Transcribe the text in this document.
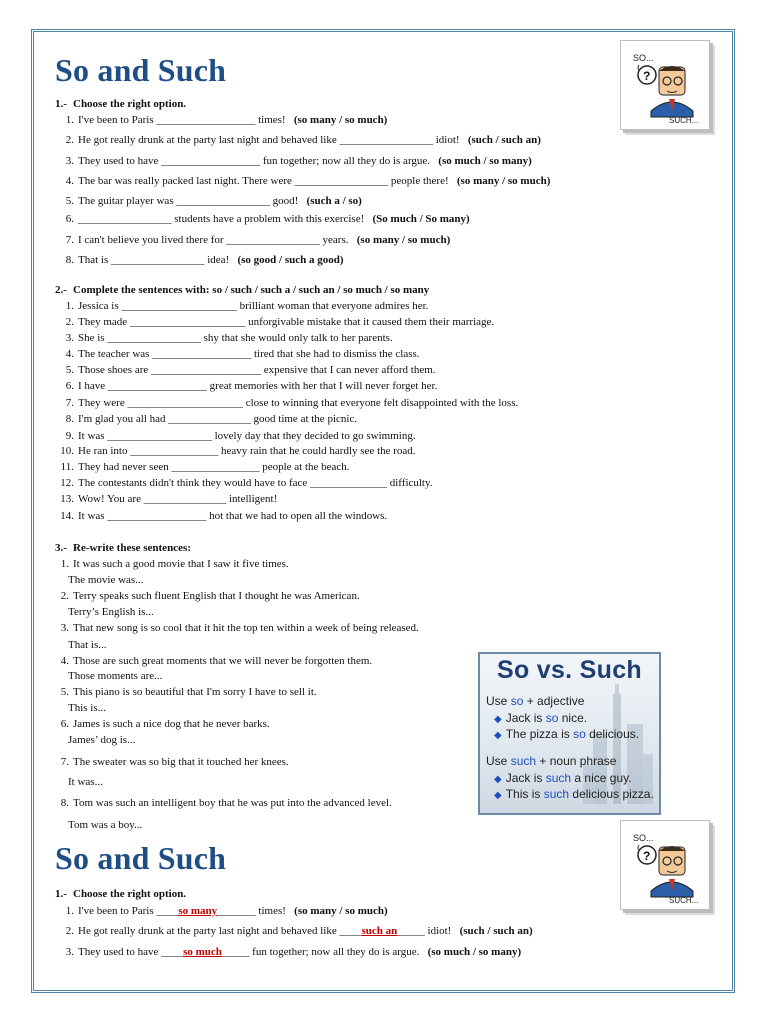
So and Such	SO...
?
SUCH...
1.- Choose the right option.
1. I've been to Paris __________________ times! (so many / so much)
2. He got really drunk at the party last night and behaved like _________________ idiot! (such / such an)
3. They used to have __________________ fun together; now all they do is argue. (so much / so many)
4. The bar was really packed last night. There were _________________ people there! (so many / so much)
5. The guitar player was _________________ good! (such a / so)
6. _________________ students have a problem with this exercise! (So much / So many)
7. I can't believe you lived there for _________________ years. (so many / so much)
8. That is _________________ idea! (so good / such a good)
2.- Complete the sentences with: so / such / such a / such an / so much / so many
1. Jessica is _____________________ brilliant woman that everyone admires her.
2. They made _____________________ unforgivable mistake that it caused them their marriage.
3. She is _________________ shy that she would only talk to her parents.
4. The teacher was __________________ tired that she had to dismiss the class.
5. Those shoes are ____________________ expensive that I can never afford them.
6. I have __________________ great memories with her that I will never forget her.
7. They were _____________________ close to winning that everyone felt disappointed with the loss.
8. I'm glad you all had _______________ good time at the picnic.
9. It was ___________________ lovely day that they decided to go swimming.
10. He ran into ________________ heavy rain that he could hardly see the road.
11. They had never seen ________________ people at the beach.
12. The contestants didn't think they would have to face ______________ difficulty.
13. Wow! You are _______________ intelligent!
14. It was __________________ hot that we had to open all the windows.
3.- Re-write these sentences:
1. It was such a good movie that I saw it five times.
The movie was...
2. Terry speaks such fluent English that I thought he was American.
Terry’s English is...
3. That new song is so cool that it hit the top ten within a week of being released.
That is...
4. Those are such great moments that we will never be forgotten them.
Those moments are...
5. This piano is so beautiful that I'm sorry I have to sell it.
This is...
6. James is such a nice dog that he never barks.
James’ dog is...
7. The sweater was so big that it touched her knees.
It was...
8. Tom was such an intelligent boy that he was put into the advanced level.
Tom was a boy...
So vs. Such
Use so + adjective
◆ Jack is so nice.
◆ The pizza is so delicious.
Use such + noun phrase
◆ Jack is such a nice guy.
◆ This is such delicious pizza.
So and Such
SO...
?
SUCH...
1.- Choose the right option.
1. I've been to Paris ____so many_______ times! (so many / so much)
2. He got really drunk at the party last night and behaved like ____such an_____ idiot! (such / such an)
3. They used to have ____so much_____ fun together; now all they do is argue. (so much / so many)
